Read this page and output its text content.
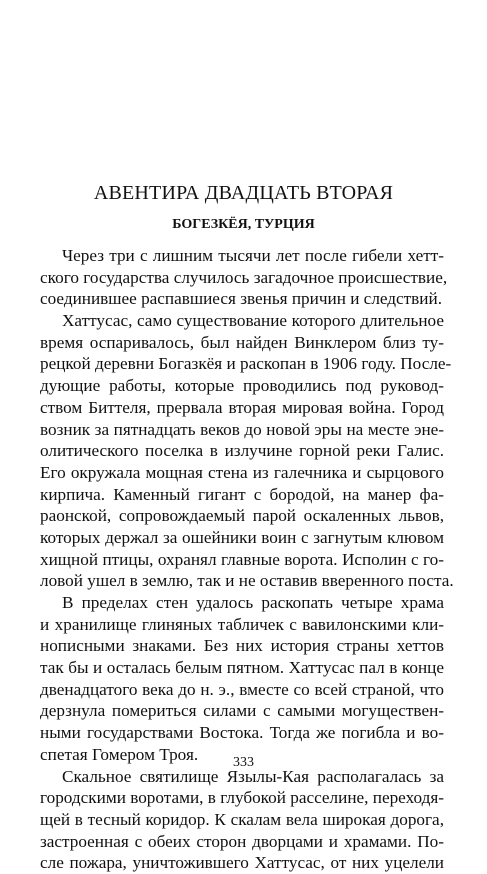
АВЕНТИРА ДВАДЦАТЬ ВТОРАЯ
БОГЕЗКЁЯ, ТУРЦИЯ
Через три с лишним тысячи лет после гибели хетт-
ского государства случилось загадочное происшествие,
соединившее распавшиеся звенья причин и следствий.
Хаттусас, само существование которого длительное
время оспаривалось, был найден Винклером близ ту-
рецкой деревни Богазкёя и раскопан в 1906 году. После-
дующие работы, которые проводились под руковод-
ством Биттеля, прервала вторая мировая война. Город
возник за пятнадцать веков до новой эры на месте эне-
олитического поселка в излучине горной реки Галис.
Его окружала мощная стена из галечника и сырцового
кирпича. Каменный гигант с бородой, на манер фа-
раонской, сопровождаемый парой оскаленных львов,
которых держал за ошейники воин с загнутым клювом
хищной птицы, охранял главные ворота. Исполин с го-
ловой ушел в землю, так и не оставив вверенного поста.
В пределах стен удалось раскопать четыре храма
и хранилище глиняных табличек с вавилонскими кли-
нописными знаками. Без них история страны хеттов
так бы и осталась белым пятном. Хаттусас пал в конце
двенадцатого века до н. э., вместе со всей страной, что
дерзнула помериться силами с самыми могуществен-
ными государствами Востока. Тогда же погибла и во-
спетая Гомером Троя.
Скальное святилище Язылы-Кая располагалась за
городскими воротами, в глубокой расселине, переходя-
щей в тесный коридор. К скалам вела широкая дорога,
застроенная с обеих сторон дворцами и храмами. По-
сле пожара, уничтожившего Хаттусас, от них уцелели
333
